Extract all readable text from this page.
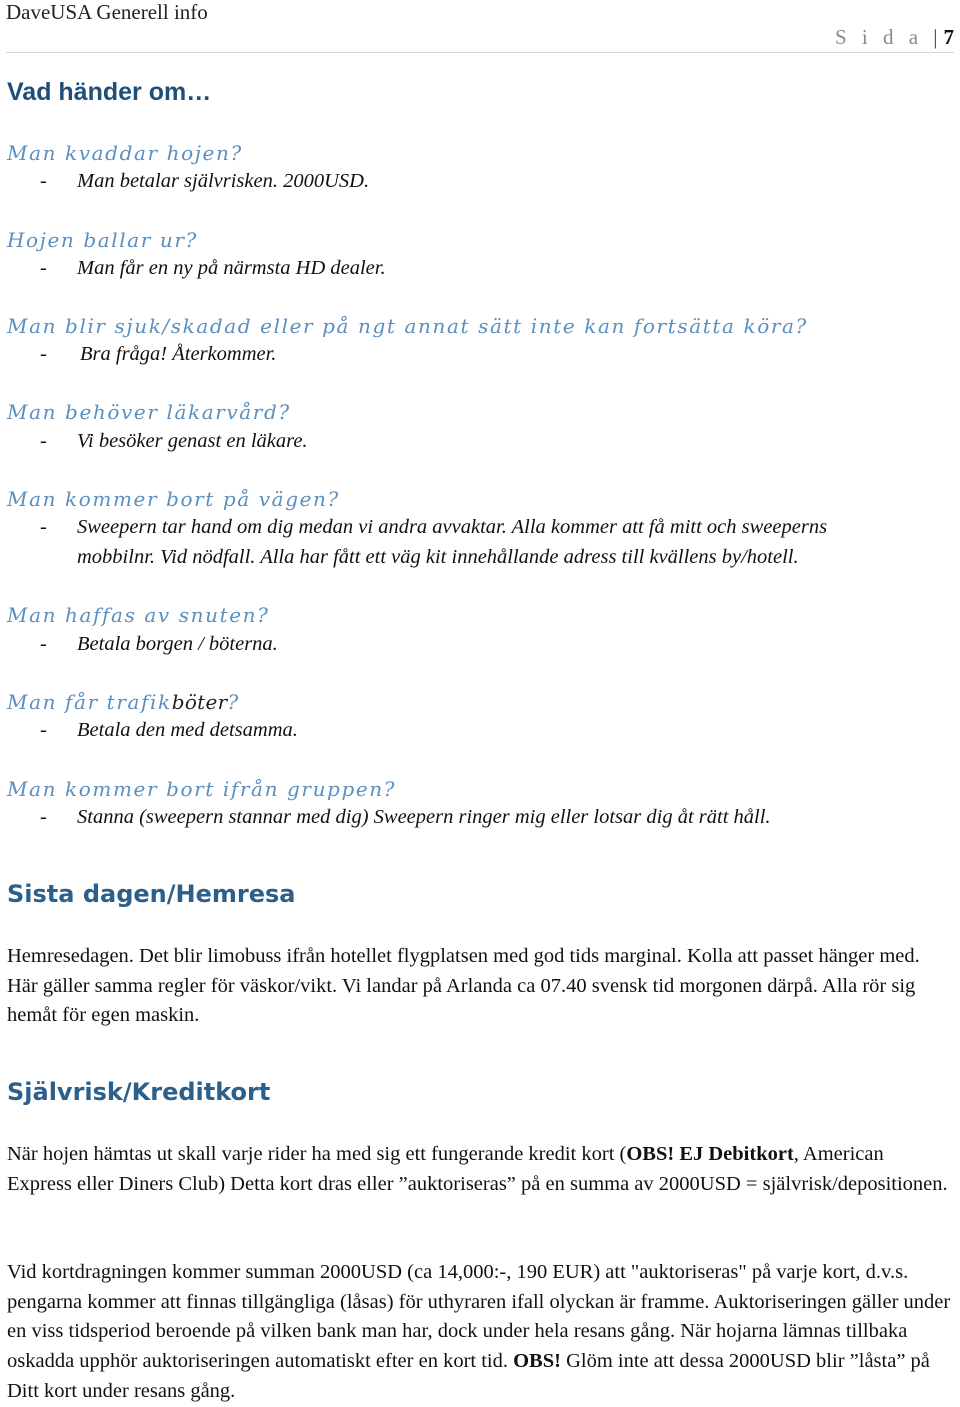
DaveUSA Generell info
S i d a | 7
Vad händer om…
Man kvaddar hojen?
- Man betalar självrisken. 2000USD.
Hojen ballar ur?
- Man får en ny på närmsta HD dealer.
Man blir sjuk/skadad eller på ngt annat sätt inte kan fortsätta köra?
- Bra fråga! Återkommer.
Man behöver läkarvård?
- Vi besöker genast en läkare.
Man kommer bort på vägen?
- Sweepern tar hand om dig medan vi andra avvaktar. Alla kommer att få mitt och sweeperns
mobbilnr. Vid nödfall. Alla har fått ett väg kit innehållande adress till kvällens by/hotell.
Man haffas av snuten?
- Betala borgen / böterna.
Man får trafikböter?
- Betala den med detsamma.
Man kommer bort ifrån gruppen?
- Stanna (sweepern stannar med dig) Sweepern ringer mig eller lotsar dig åt rätt håll.
Sista dagen/Hemresa
Hemresedagen. Det blir limobuss ifrån hotellet flygplatsen med god tids marginal. Kolla att passet hänger med. Här gäller samma regler för väskor/vikt. Vi landar på Arlanda ca 07.40 svensk tid morgonen därpå. Alla rör sig hemåt för egen maskin.
Självrisk/Kreditkort
När hojen hämtas ut skall varje rider ha med sig ett fungerande kredit kort (OBS! EJ Debitkort, American Express eller Diners Club) Detta kort dras eller ”auktoriseras” på en summa av 2000USD = självrisk/depositionen.
Vid kortdragningen kommer summan 2000USD (ca 14,000:-, 190 EUR) att "auktoriseras" på varje kort, d.v.s. pengarna kommer att finnas tillgängliga (låsas) för uthyraren ifall olyckan är framme. Auktoriseringen gäller under en viss tidsperiod beroende på vilken bank man har, dock under hela resans gång. När hojarna lämnas tillbaka oskadda upphör auktoriseringen automatiskt efter en kort tid. OBS! Glöm inte att dessa 2000USD blir ”låsta” på Ditt kort under resans gång.
